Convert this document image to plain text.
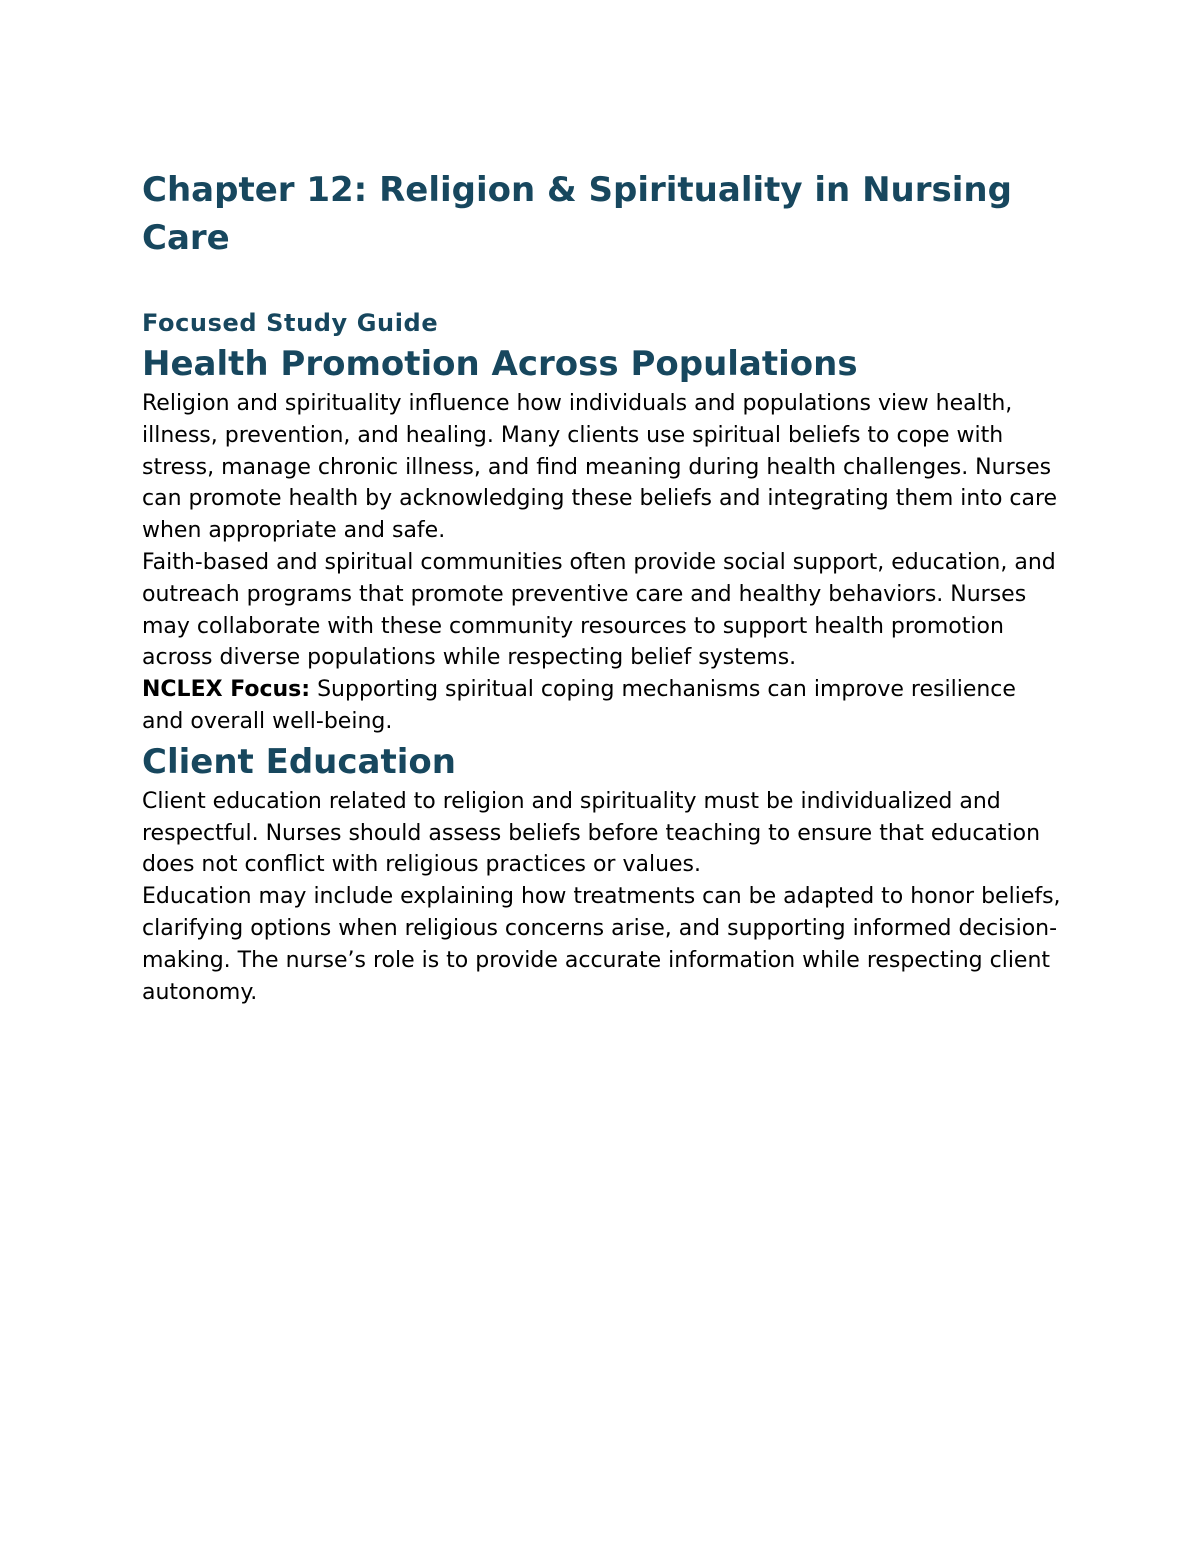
Chapter 12: Religion & Spirituality in Nursing Care
Focused Study Guide
Health Promotion Across Populations

Religion and spirituality influence how individuals and populations view health, illness, prevention, and healing. Many clients use spiritual beliefs to cope with stress, manage chronic illness, and find meaning during health challenges. Nurses can promote health by acknowledging these beliefs and integrating them into care when appropriate and safe.

Faith-based and spiritual communities often provide social support, education, and outreach programs that promote preventive care and healthy behaviors. Nurses may collaborate with these community resources to support health promotion across diverse populations while respecting belief systems.

NCLEX Focus: Supporting spiritual coping mechanisms can improve resilience and overall well-being.

Client Education

Client education related to religion and spirituality must be individualized and respectful. Nurses should assess beliefs before teaching to ensure that education does not conflict with religious practices or values.

Education may include explaining how treatments can be adapted to honor beliefs, clarifying options when religious concerns arise, and supporting informed decision-making. The nurse’s role is to provide accurate information while respecting client autonomy.
